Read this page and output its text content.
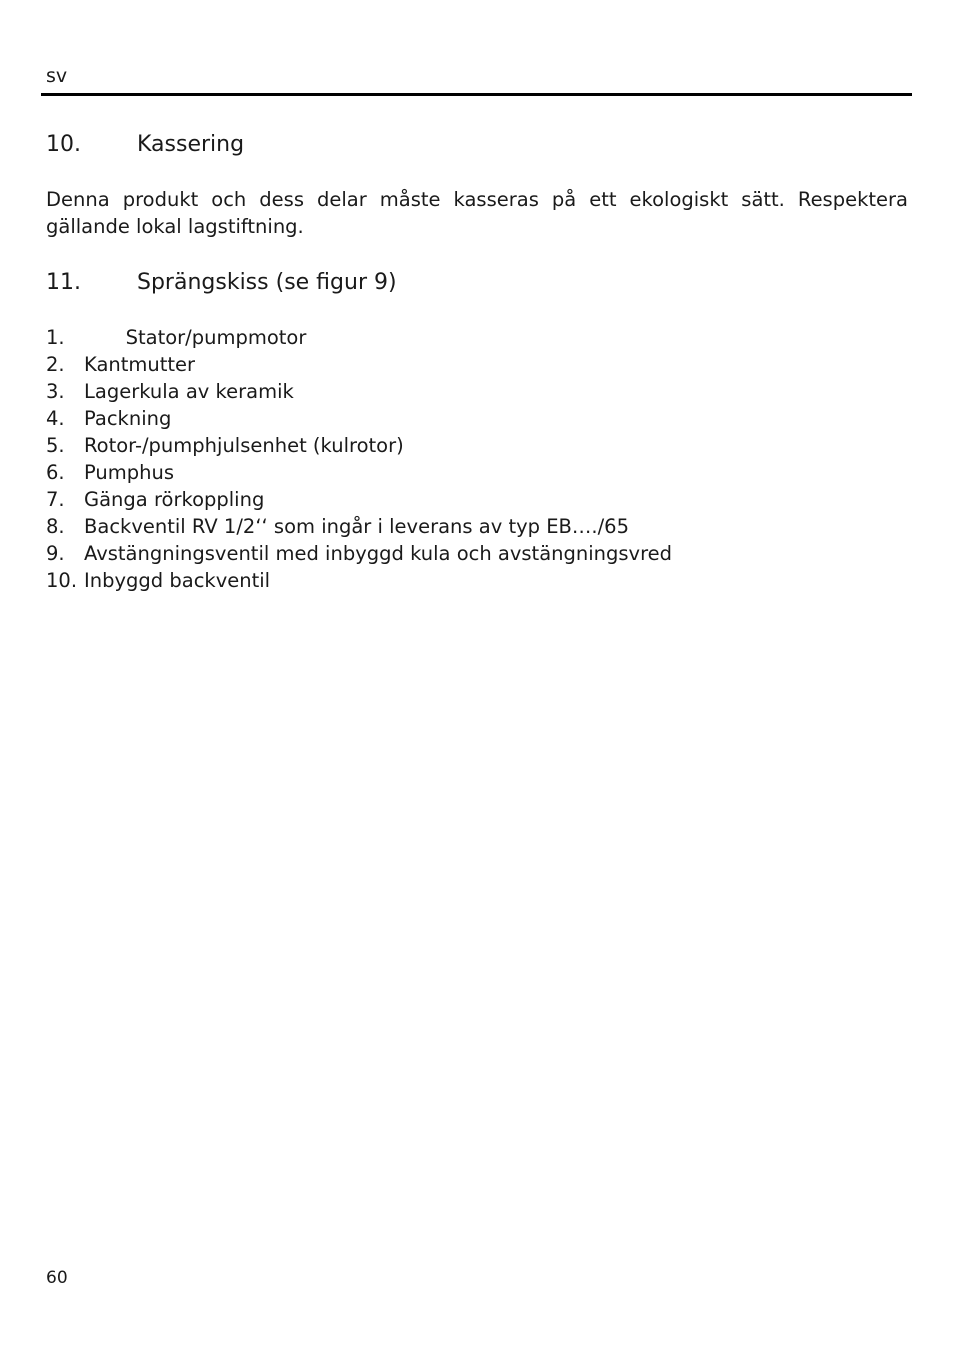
sv
10.	Kassering
Denna produkt och dess delar måste kasseras på ett ekologiskt sätt. Respektera gällande lokal lagstiftning.
11.	Sprängskiss (se figur 9)
1.	Stator/pumpmotor
2. Kantmutter
3. Lagerkula av keramik
4. Packning
5. Rotor-/pumphjulsenhet (kulrotor)
6. Pumphus
7. Gänga rörkoppling
8. Backventil RV 1/2‘‘ som ingår i leverans av typ EB…./65
9. Avstängningsventil med inbyggd kula och avstängningsvred
10. Inbyggd backventil
60
